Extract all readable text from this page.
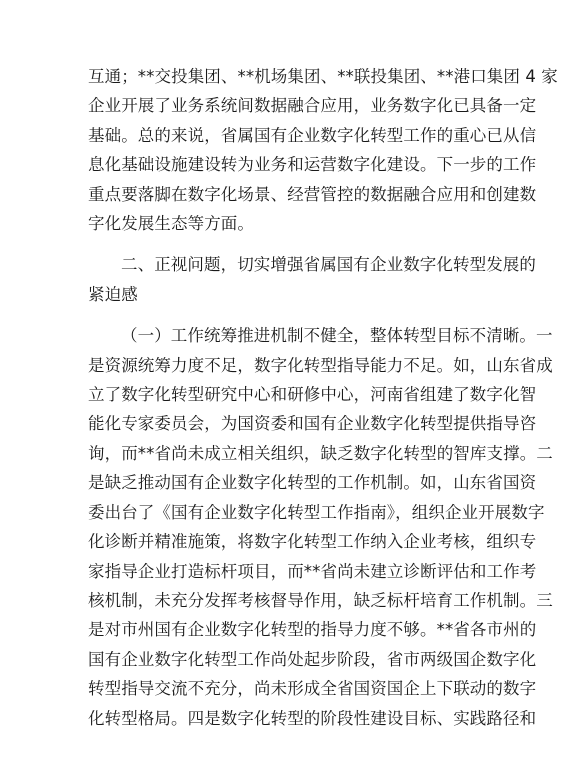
互通；**交投集团、**机场集团、**联投集团、**港口集团 4 家
企业开展了业务系统间数据融合应用，业务数字化已具备一定
基础。总的来说，省属国有企业数字化转型工作的重心已从信
息化基础设施建设转为业务和运营数字化建设。下一步的工作
重点要落脚在数字化场景、经营管控的数据融合应用和创建数
字化发展生态等方面。
二、正视问题，切实增强省属国有企业数字化转型发展的
紧迫感
（一）工作统筹推进机制不健全，整体转型目标不清晰。一
是资源统筹力度不足，数字化转型指导能力不足。如，山东省成
立了数字化转型研究中心和研修中心，河南省组建了数字化智
能化专家委员会，为国资委和国有企业数字化转型提供指导咨
询，而**省尚未成立相关组织，缺乏数字化转型的智库支撑。二
是缺乏推动国有企业数字化转型的工作机制。如，山东省国资
委出台了《国有企业数字化转型工作指南》，组织企业开展数字
化诊断并精准施策，将数字化转型工作纳入企业考核，组织专
家指导企业打造标杆项目，而**省尚未建立诊断评估和工作考
核机制，未充分发挥考核督导作用，缺乏标杆培育工作机制。三
是对市州国有企业数字化转型的指导力度不够。**省各市州的
国有企业数字化转型工作尚处起步阶段，省市两级国企数字化
转型指导交流不充分，尚未形成全省国资国企上下联动的数字
化转型格局。四是数字化转型的阶段性建设目标、实践路径和
